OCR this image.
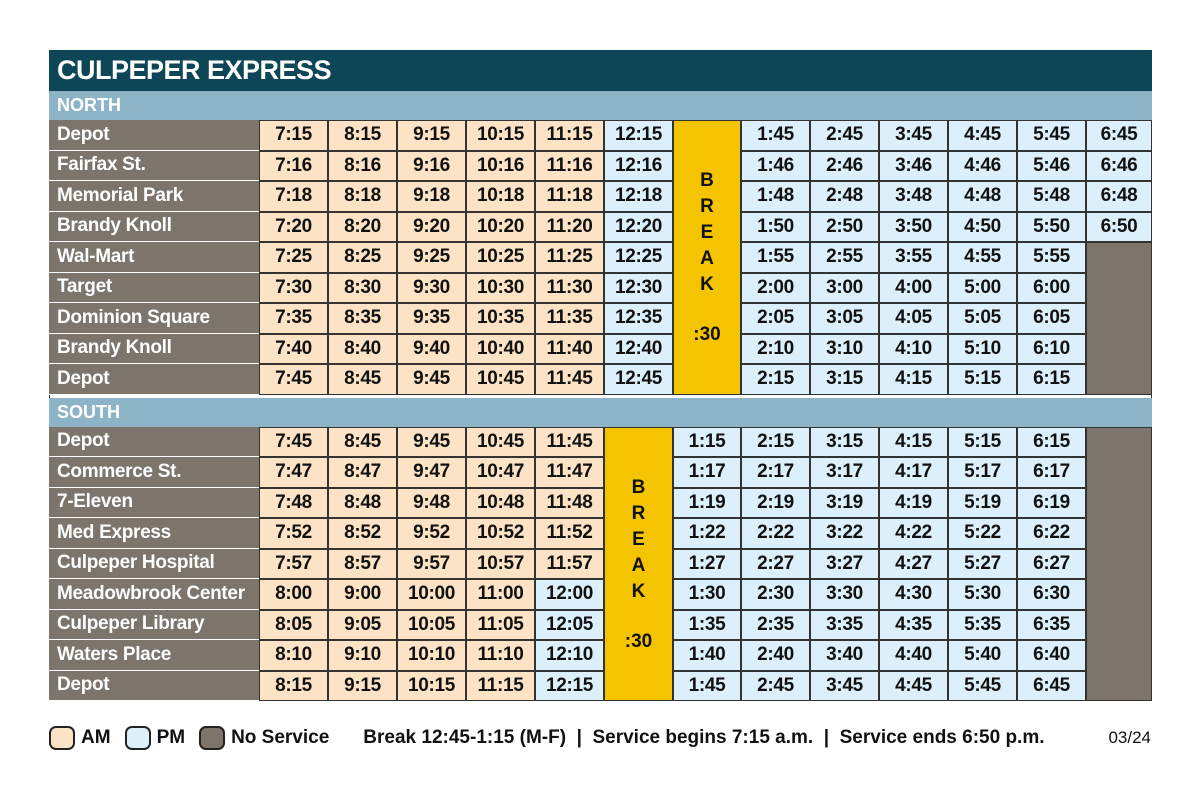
CULPEPER EXPRESS
NORTH
Depot	7:15	8:15	9:15	10:15	11:15	12:15	1:45	2:45	3:45	4:45	5:45	6:45
Fairfax St.	7:16	8:16	9:16	10:16	11:16	12:16	1:46	2:46	3:46	4:46	5:46	6:46
Memorial Park	7:18	8:18	9:18	10:18	11:18	12:18	1:48	2:48	3:48	4:48	5:48	6:48
Brandy Knoll	7:20	8:20	9:20	10:20	11:20	12:20	1:50	2:50	3:50	4:50	5:50	6:50
Wal-Mart	7:25	8:25	9:25	10:25	11:25	12:25	1:55	2:55	3:55	4:55	5:55
Target	7:30	8:30	9:30	10:30	11:30	12:30	2:00	3:00	4:00	5:00	6:00
Dominion Square	7:35	8:35	9:35	10:35	11:35	12:35	2:05	3:05	4:05	5:05	6:05
Brandy Knoll	7:40	8:40	9:40	10:40	11:40	12:40	2:10	3:10	4:10	5:10	6:10
Depot	7:45	8:45	9:45	10:45	11:45	12:45	2:15	3:15	4:15	5:15	6:15
B
R
E
A
K
:30
SOUTH
Depot	7:45	8:45	9:45	10:45	11:45	1:15	2:15	3:15	4:15	5:15	6:15
Commerce St.	7:47	8:47	9:47	10:47	11:47	1:17	2:17	3:17	4:17	5:17	6:17
7-Eleven	7:48	8:48	9:48	10:48	11:48	1:19	2:19	3:19	4:19	5:19	6:19
Med Express	7:52	8:52	9:52	10:52	11:52	1:22	2:22	3:22	4:22	5:22	6:22
Culpeper Hospital	7:57	8:57	9:57	10:57	11:57	1:27	2:27	3:27	4:27	5:27	6:27
Meadowbrook Center	8:00	9:00	10:00	11:00	12:00	1:30	2:30	3:30	4:30	5:30	6:30
Culpeper Library	8:05	9:05	10:05	11:05	12:05	1:35	2:35	3:35	4:35	5:35	6:35
Waters Place	8:10	9:10	10:10	11:10	12:10	1:40	2:40	3:40	4:40	5:40	6:40
Depot	8:15	9:15	10:15	11:15	12:15	1:45	2:45	3:45	4:45	5:45	6:45
B
R
E
A
K
:30
AM PM No Service Break 12:45-1:15 (M-F)  |  Service begins 7:15 a.m.  |  Service ends 6:50 p.m.	03/24
